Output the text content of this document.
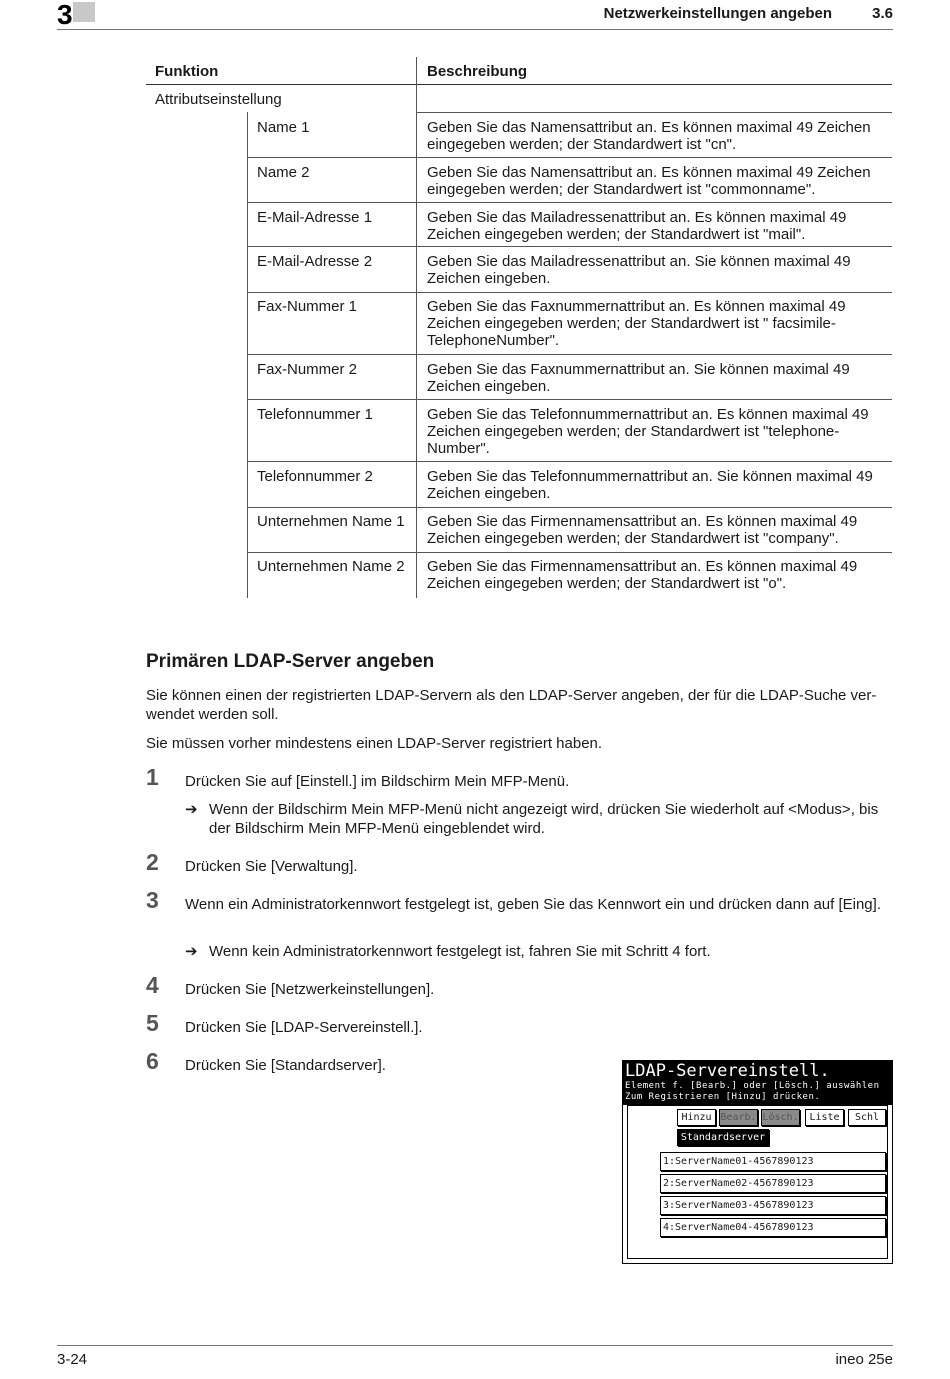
3	Netzwerkeinstellungen angeben	3.6
Funktion	Beschreibung
Attributseinstellung
Name 1	Geben Sie das Namensattribut an. Es können maximal 49 Zeichen eingegeben werden; der Standardwert ist "cn".
Name 2	Geben Sie das Namensattribut an. Es können maximal 49 Zeichen eingegeben werden; der Standardwert ist "commonname".
E-Mail-Adresse 1	Geben Sie das Mailadressenattribut an. Es können maximal 49 Zeichen eingegeben werden; der Standardwert ist "mail".
E-Mail-Adresse 2	Geben Sie das Mailadressenattribut an. Sie können maximal 49 Zeichen eingeben.
Fax-Nummer 1	Geben Sie das Faxnummernattribut an. Es können maximal 49 Zeichen eingegeben werden; der Standardwert ist " facsimile-TelephoneNumber".
Fax-Nummer 2	Geben Sie das Faxnummernattribut an. Sie können maximal 49 Zeichen eingeben.
Telefonnummer 1	Geben Sie das Telefonnummernattribut an. Es können maximal 49 Zeichen eingegeben werden; der Standardwert ist "telephone-Number".
Telefonnummer 2	Geben Sie das Telefonnummernattribut an. Sie können maximal 49 Zeichen eingeben.
Unternehmen Name 1 Geben Sie das Firmennamensattribut an. Es können maximal 49 Zeichen eingegeben werden; der Standardwert ist "company".
Unternehmen Name 2 Geben Sie das Firmennamensattribut an. Es können maximal 49 Zeichen eingegeben werden; der Standardwert ist "o".
Primären LDAP-Server angeben

Sie können einen der registrierten LDAP-Servern als den LDAP-Server angeben, der für die LDAP-Suche ver-wendet werden soll.

Sie müssen vorher mindestens einen LDAP-Server registriert haben.

1 Drücken Sie auf [Einstell.] im Bildschirm Mein MFP-Menü.
➔ Wenn der Bildschirm Mein MFP-Menü nicht angezeigt wird, drücken Sie wiederholt auf <Modus>, bis der Bildschirm Mein MFP-Menü eingeblendet wird.
2 Drücken Sie [Verwaltung].
3 Wenn ein Administratorkennwort festgelegt ist, geben Sie das Kennwort ein und drücken dann auf [Eing].
➔ Wenn kein Administratorkennwort festgelegt ist, fahren Sie mit Schritt 4 fort.
4 Drücken Sie [Netzwerkeinstellungen].
5 Drücken Sie [LDAP-Servereinstell.].
6 Drücken Sie [Standardserver].	LDAP-Servereinstell.
Element f. [Bearb.] oder [Lösch.] auswählen
Zum Registrieren [Hinzu] drücken.
Hinzu Bearb. Lösch.	Liste	Schl
Standardserver
1:ServerName01-4567890123
2:ServerName02-4567890123
3:ServerName03-4567890123
4:ServerName04-4567890123
3-24	ineo 25e
